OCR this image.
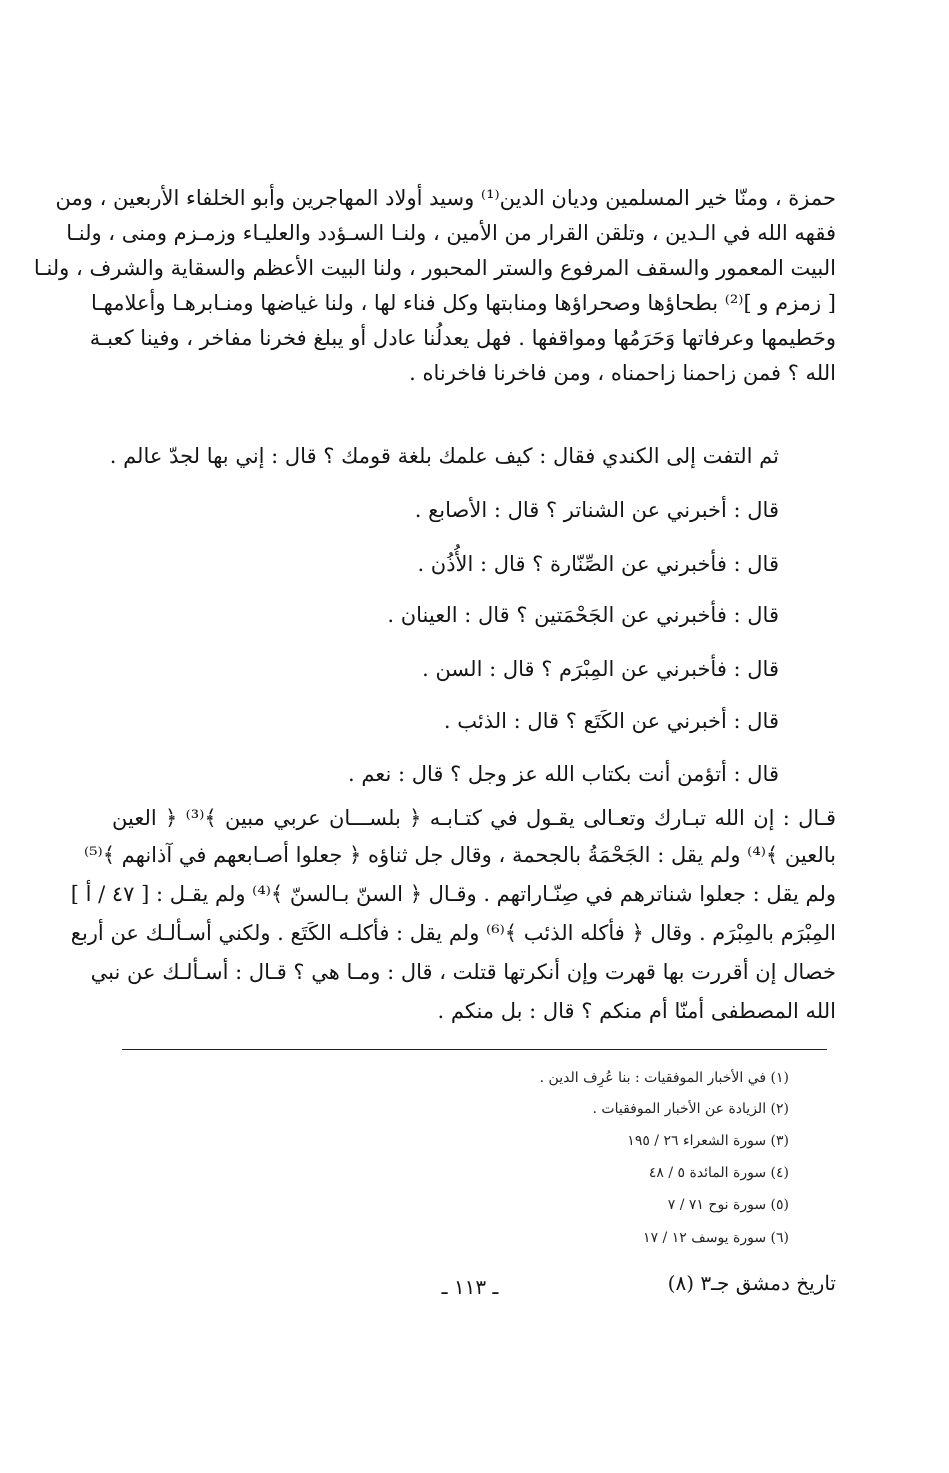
حمزة ، ومنّا خير المسلمين وديان الدين⁽¹⁾ وسيد أولاد المهاجرين وأبو الخلفاء الأربعين ، ومن
فقهه الله في الـدين ، وتلقن القرار من الأمين ، ولنـا السـؤدد والعليـاء وزمـزم ومنى ، ولنـا
البيت المعمور والسقف المرفوع والستر المحبور ، ولنا البيت الأعظم والسقاية والشرف ، ولنـا
[ زمزم و ]⁽²⁾ بطحاؤها وصحراؤها ومنابتها وكل فناء لها ، ولنا غياضها ومنـابرهـا وأعلامهـا
وحَطيمها وعرفاتها وَحَرَمُها ومواقفها . فهل يعدلُنا عادل أو يبلغ فخرنا مفاخر ، وفينا كعبـة
الله ؟ فمن زاحمنا زاحمناه ، ومن فاخرنا فاخرناه .
ثم التفت إلى الكندي فقال : كيف علمك بلغة قومك ؟ قال : إني بها لجدّ عالم .
قال : أخبرني عن الشناتر ؟ قال : الأصابع .
قال : فأخبرني عن الصِّنّارة ؟ قال : الأُذُن .
قال : فأخبرني عن الجَحْمَتين ؟ قال : العينان .
قال : فأخبرني عن المِبْرَم ؟ قال : السن .
قال : أخبرني عن الكَتَع ؟ قال : الذئب .
قال : أتؤمن أنت بكتاب الله عز وجل ؟ قال : نعم .
قـال : إن الله تبـارك وتعـالى يقـول في كتـابـه ﴿ بلســـان عربي مبين ﴾⁽³⁾ ﴿ العين
بالعين ﴾⁽⁴⁾ ولم يقل : الجَحْمَةُ بالجحمة ، وقال جل ثناؤه ﴿ جعلوا أصـابعهم في آذانهم ﴾⁽⁵⁾
ولم يقل : جعلوا شناترهم في صِنّـاراتهم . وقـال ﴿ السنّ بـالسنّ ﴾⁽⁴⁾ ولم يقـل : [ ٤٧ / أ ]
المِبْرَم بالمِبْرَم . وقال ﴿ فأكله الذئب ﴾⁽⁶⁾ ولم يقل : فأكلـه الكَتَع . ولكني أسـألـك عن أربع
خصال إن أقررت بها قهرت وإن أنكرتها قتلت ، قال : ومـا هي ؟ قـال : أسـألـك عن نبي
الله المصطفى أمنّا أم منكم ؟ قال : بل منكم .
(١) في الأخبار الموفقيات : بنا عُرِف الدين .
(٢) الزيادة عن الأخبار الموفقيات .
(٣) سورة الشعراء ٢٦ / ١٩٥
(٤) سورة المائدة ٥ / ٤٨
(٥) سورة نوح ٧١ / ٧
(٦) سورة يوسف ١٢ / ١٧
تاريخ دمشق جـ٣ (٨)
ـ ١١٣ ـ
